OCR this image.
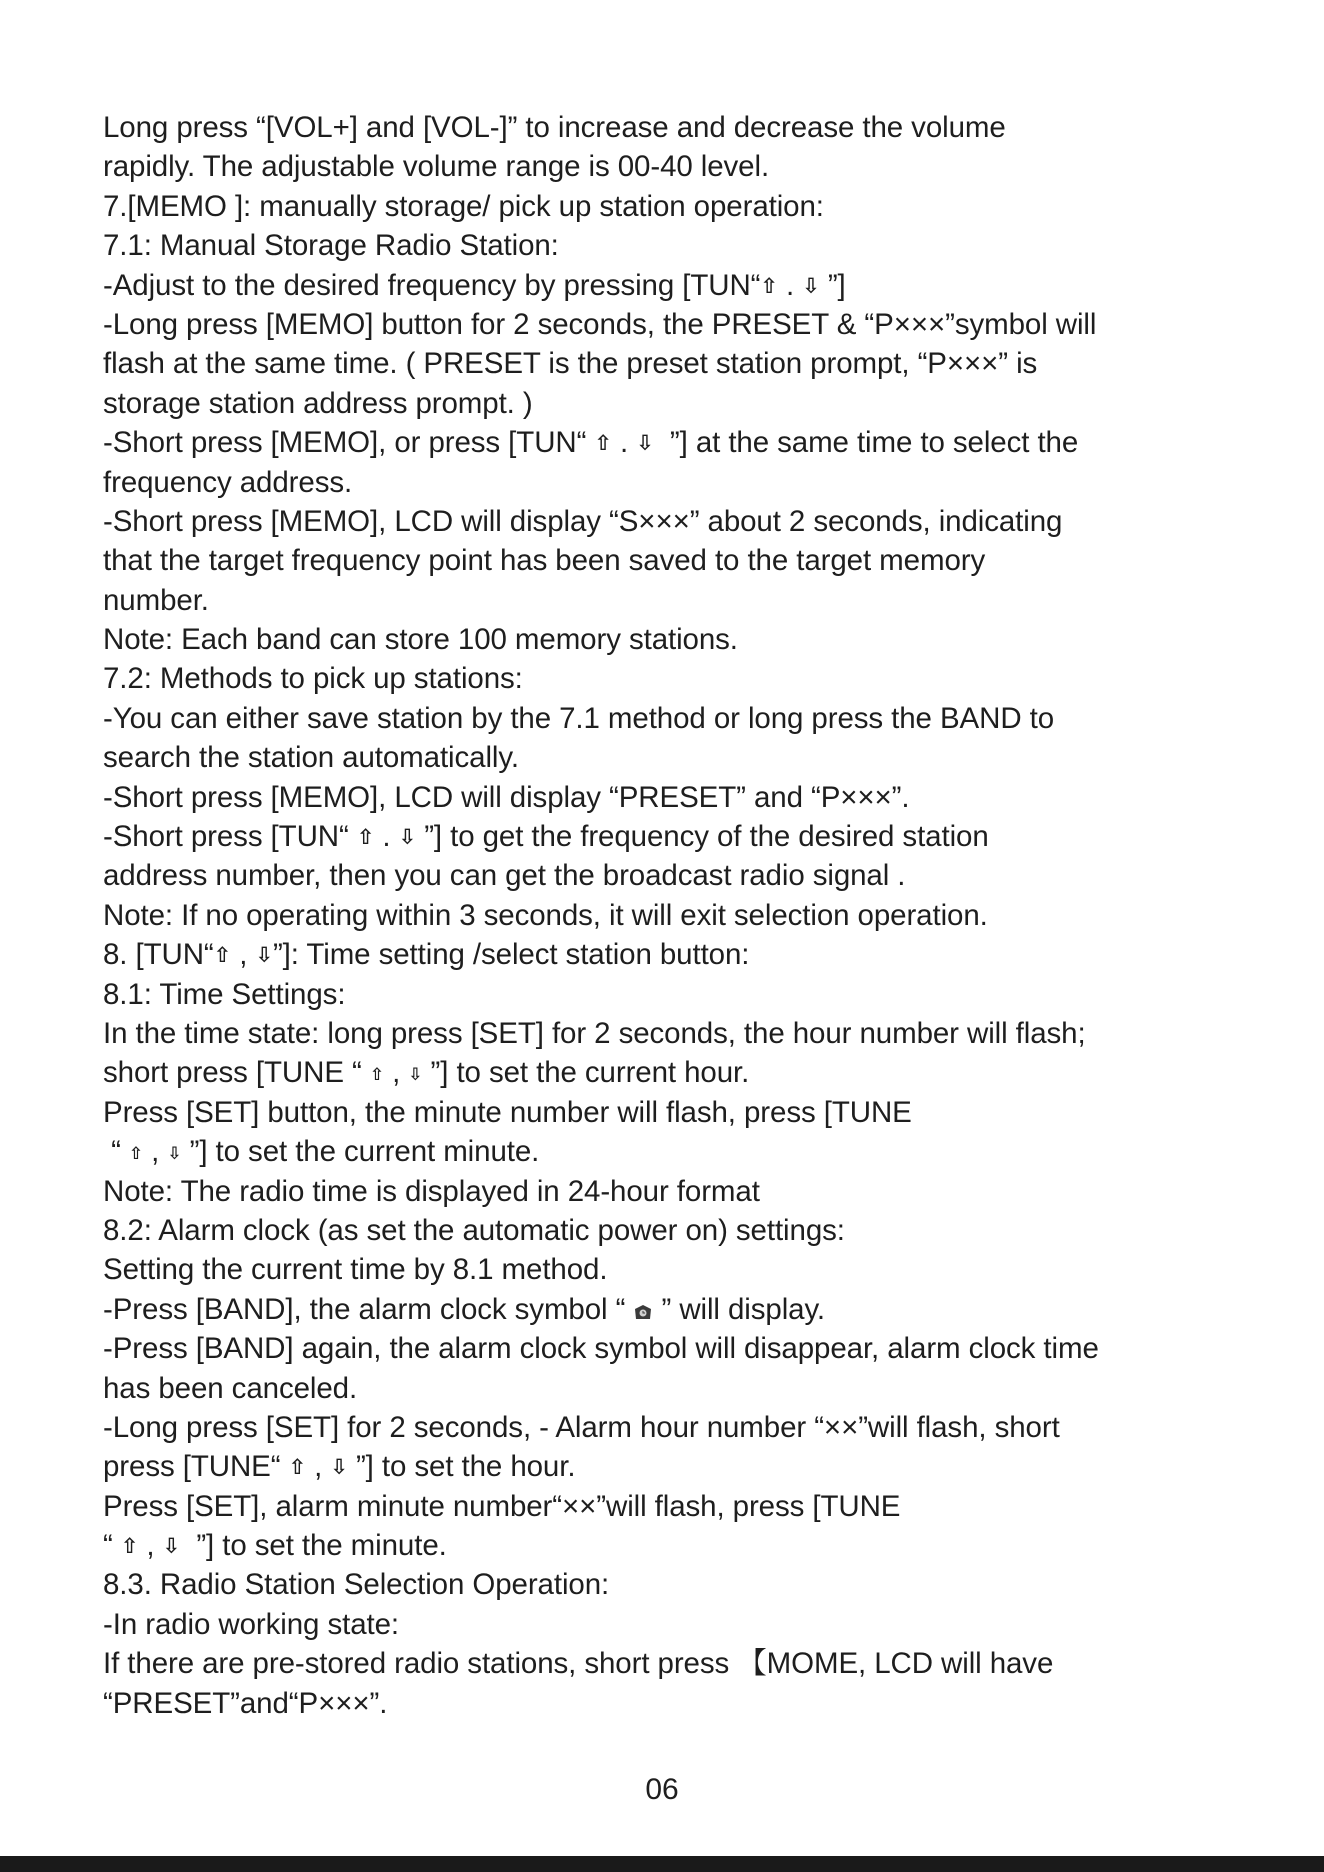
Long press “[VOL+] and [VOL-]” to increase and decrease the volume
rapidly. The adjustable volume range is 00-40 level.
7.[MEMO ]: manually storage/ pick up station operation:
7.1: Manual Storage Radio Station:
-Adjust to the desired frequency by pressing [TUN“⇧ . ⇩ ”]
-Long press [MEMO] button for 2 seconds, the PRESET & “P×××”symbol will
flash at the same time. ( PRESET is the preset station prompt, “P×××” is
storage station address prompt. )
-Short press [MEMO], or press [TUN“ ⇧ . ⇩  ”] at the same time to select the
frequency address.
-Short press [MEMO], LCD will display “S×××” about 2 seconds, indicating
that the target frequency point has been saved to the target memory
number.
Note: Each band can store 100 memory stations.
7.2: Methods to pick up stations:
-You can either save station by the 7.1 method or long press the BAND to
search the station automatically.
-Short press [MEMO], LCD will display “PRESET” and “P×××”.
-Short press [TUN“ ⇧ . ⇩ ”] to get the frequency of the desired station
address number, then you can get the broadcast radio signal .
Note: If no operating within 3 seconds, it will exit selection operation.
8. [TUN“⇧ , ⇩”]: Time setting /select station button:
8.1: Time Settings:
In the time state: long press [SET] for 2 seconds, the hour number will flash;
short press [TUNE “ ⇧ , ⇩ ”] to set the current hour.
Press [SET] button, the minute number will flash, press [TUNE
“ ⇧ , ⇩ ”] to set the current minute.
Note: The radio time is displayed in 24-hour format
8.2: Alarm clock (as set the automatic power on) settings:
Setting the current time by 8.1 method.
-Press [BAND], the alarm clock symbol “  ” will display.
-Press [BAND] again, the alarm clock symbol will disappear, alarm clock time
has been canceled.
-Long press [SET] for 2 seconds, - Alarm hour number “××”will flash, short
press [TUNE“ ⇧ , ⇩ ”] to set the hour.
Press [SET], alarm minute number“××”will flash, press [TUNE
“ ⇧ , ⇩  ”] to set the minute.
8.3. Radio Station Selection Operation:
-In radio working state:
If there are pre-stored radio stations, short press 【MOME, LCD will have
“PRESET”and“P×××”.
06
